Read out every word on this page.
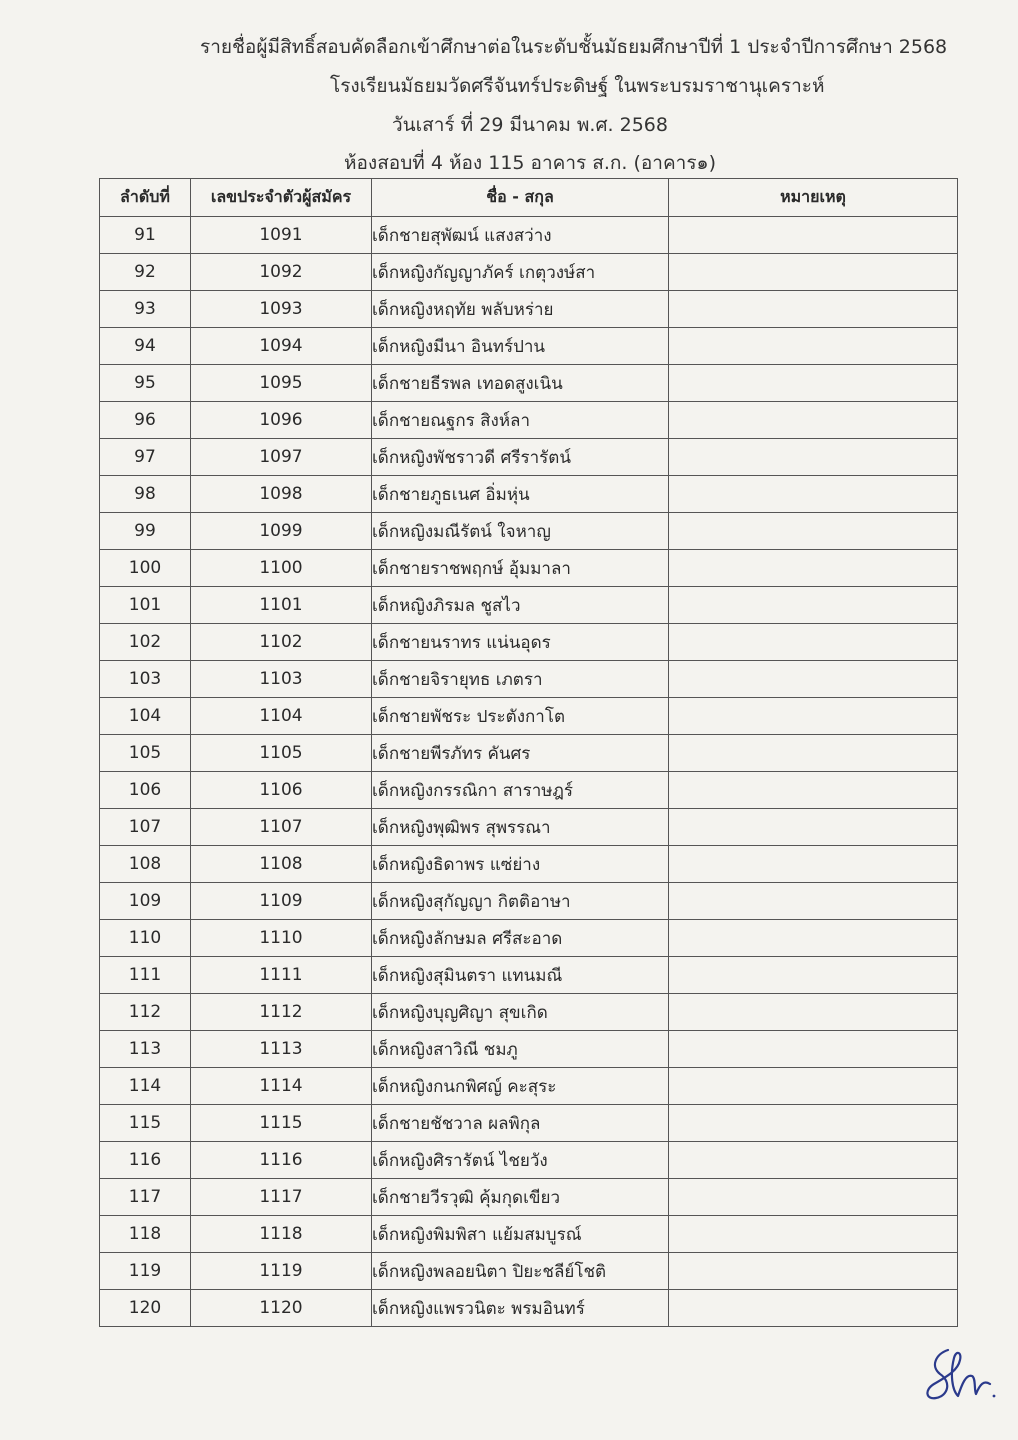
รายชื่อผู้มีสิทธิ์สอบคัดลือกเข้าศึกษาต่อในระดับชั้นมัธยมศึกษาปีที่ 1 ประจำปีการศึกษา 2568
โรงเรียนมัธยมวัดศรีจันทร์ประดิษฐ์ ในพระบรมราชานุเคราะห์
วันเสาร์ ที่ 29 มีนาคม พ.ศ. 2568
ห้องสอบที่ 4 ห้อง 115 อาคาร ส.ก. (อาคาร๑)
ลำดับที่	เลขประจำตัวผู้สมัคร	ชื่อ - สกุล	หมายเหตุ
91	1091	เด็กชายสุพัฒน์ แสงสว่าง	
92	1092	เด็กหญิงกัญญาภัคร์ เกตุวงษ์สา	
93	1093	เด็กหญิงหฤทัย พลับหร่าย	
94	1094	เด็กหญิงมีนา อินทร์ปาน	
95	1095	เด็กชายธีรพล เทอดสูงเนิน	
96	1096	เด็กชายณฐกร สิงห์ลา	
97	1097	เด็กหญิงพัชราวดี ศรีรารัตน์	
98	1098	เด็กชายภูธเนศ อิ่มหุ่น	
99	1099	เด็กหญิงมณีรัตน์ ใจหาญ	
100	1100	เด็กชายราชพฤกษ์ อุ้มมาลา	
101	1101	เด็กหญิงภิรมล ชูสไว	
102	1102	เด็กชายนราทร แน่นอุดร	
103	1103	เด็กชายจิรายุทธ เภตรา	
104	1104	เด็กชายพัชระ ประตังกาโต	
105	1105	เด็กชายพีรภัทร คันศร	
106	1106	เด็กหญิงกรรณิกา สาราษฎร์	
107	1107	เด็กหญิงพุฒิพร สุพรรณา	
108	1108	เด็กหญิงธิดาพร แซ่ย่าง	
109	1109	เด็กหญิงสุกัญญา กิตติอาษา	
110	1110	เด็กหญิงลักษมล ศรีสะอาด	
111	1111	เด็กหญิงสุมินตรา แทนมณี	
112	1112	เด็กหญิงบุญศิญา สุขเกิด	
113	1113	เด็กหญิงสาวิณี ชมภู	
114	1114	เด็กหญิงกนกพิศญ์ คะสุระ	
115	1115	เด็กชายชัชวาล ผลพิกุล	
116	1116	เด็กหญิงศิรารัตน์ ไชยวัง	
117	1117	เด็กชายวีรวุฒิ คุ้มกุดเขียว	
118	1118	เด็กหญิงพิมพิสา แย้มสมบูรณ์	
119	1119	เด็กหญิงพลอยนิตา ปิยะชลีย์โชติ	
120	1120	เด็กหญิงแพรวนิตะ พรมอินทร์	
